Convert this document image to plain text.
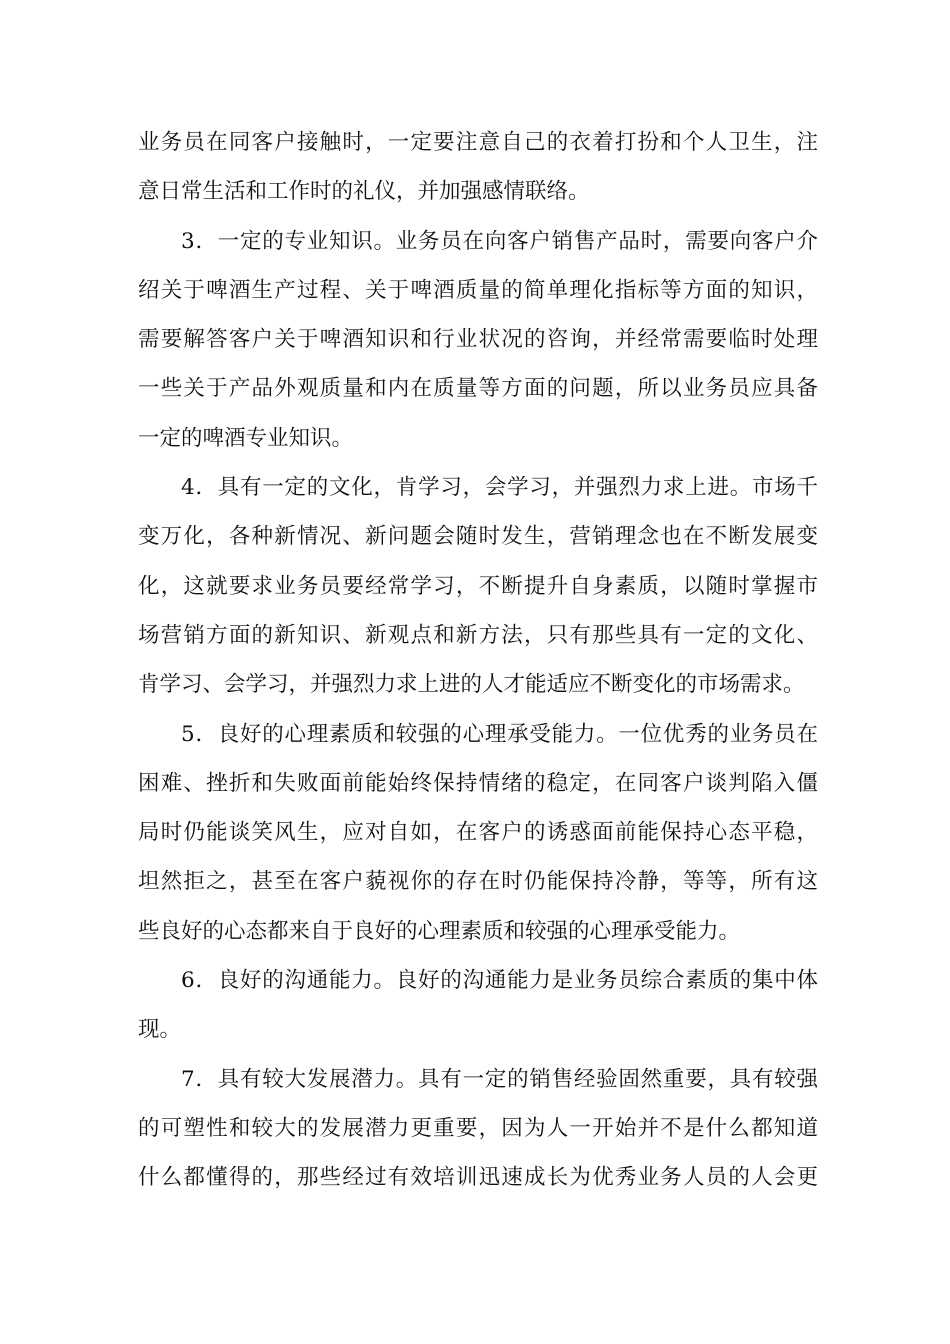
业务员在同客户接触时，一定要注意自己的衣着打扮和个人卫生，注
意日常生活和工作时的礼仪，并加强感情联络。
3．一定的专业知识。业务员在向客户销售产品时，需要向客户介
绍关于啤酒生产过程、关于啤酒质量的简单理化指标等方面的知识，
需要解答客户关于啤酒知识和行业状况的咨询，并经常需要临时处理
一些关于产品外观质量和内在质量等方面的问题，所以业务员应具备
一定的啤酒专业知识。
4．具有一定的文化，肯学习，会学习，并强烈力求上进。市场千
变万化，各种新情况、新问题会随时发生，营销理念也在不断发展变
化，这就要求业务员要经常学习，不断提升自身素质，以随时掌握市
场营销方面的新知识、新观点和新方法，只有那些具有一定的文化、
肯学习、会学习，并强烈力求上进的人才能适应不断变化的市场需求。
5．良好的心理素质和较强的心理承受能力。一位优秀的业务员在
困难、挫折和失败面前能始终保持情绪的稳定，在同客户谈判陷入僵
局时仍能谈笑风生，应对自如，在客户的诱惑面前能保持心态平稳，
坦然拒之，甚至在客户藐视你的存在时仍能保持冷静，等等，所有这
些良好的心态都来自于良好的心理素质和较强的心理承受能力。
6．良好的沟通能力。良好的沟通能力是业务员综合素质的集中体
现。
7．具有较大发展潜力。具有一定的销售经验固然重要，具有较强
的可塑性和较大的发展潜力更重要，因为人一开始并不是什么都知道
什么都懂得的，那些经过有效培训迅速成长为优秀业务人员的人会更
